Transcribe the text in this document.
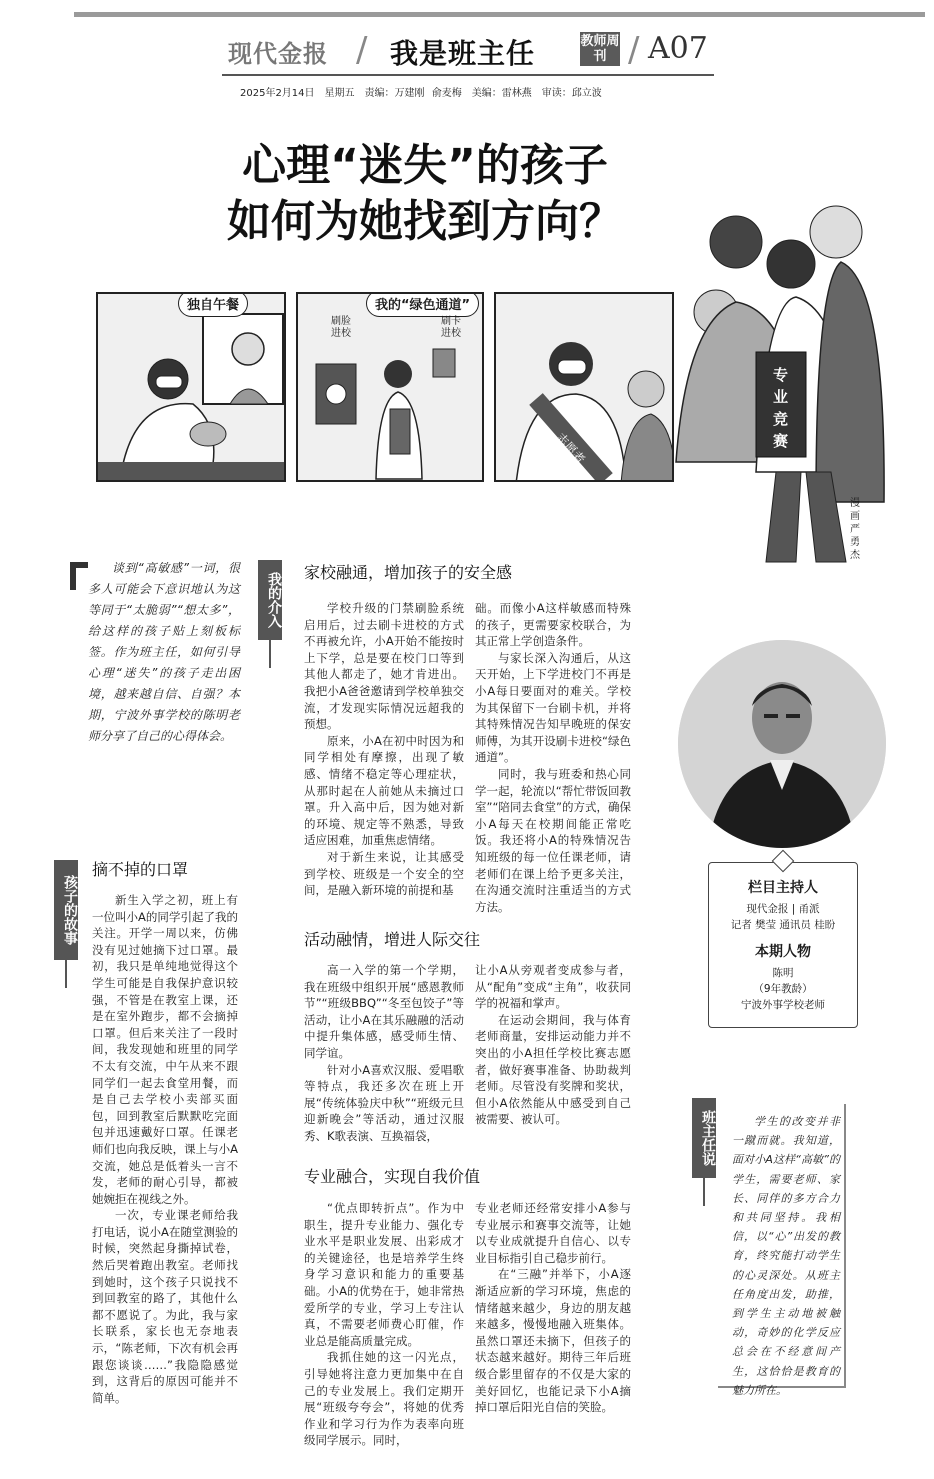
现代金报 / 我是班主任	教师周刊 / A07
2025年2月14日　星期五　责编：万建刚 俞麦梅　美编：雷林燕　审读：邱立波
心理“迷失”的孩子
如何为她找到方向？
独自午餐	我的“绿色通道”
刷脸进校
刷卡进校
志愿者
专
业
竞
赛
漫画 严勇杰
谈到“高敏感”一词，很多人可能会下意识地认为这等同于“太脆弱”“想太多”，给这样的孩子贴上刻板标签。作为班主任，如何引导心理“迷失”的孩子走出困境，越来越自信、自强？本期，宁波外事学校的陈明老师分享了自己的心得体会。
我的介入
孩子的故事
班主任说
摘不掉的口罩

新生入学之初，班上有一位叫小A的同学引起了我的关注。开学一周以来，仿佛没有见过她摘下过口罩。最初，我只是单纯地觉得这个学生可能是自我保护意识较强，不管是在教室上课，还是在室外跑步，都不会摘掉口罩。但后来关注了一段时间，我发现她和班里的同学不太有交流，中午从来不跟同学们一起去食堂用餐，而是自己去学校小卖部买面包，回到教室后默默吃完面包并迅速戴好口罩。任课老师们也向我反映，课上与小A交流，她总是低着头一言不发，老师的耐心引导，都被她婉拒在视线之外。

一次，专业课老师给我打电话，说小A在随堂测验的时候，突然起身撕掉试卷，然后哭着跑出教室。老师找到她时，这个孩子只说找不到回教室的路了，其他什么都不愿说了。为此，我与家长联系，家长也无奈地表示，“陈老师，下次有机会再跟您谈谈……”我隐隐感觉到，这背后的原因可能并不简单。

家校融通，增加孩子的安全感

学校升级的门禁刷脸系统启用后，过去刷卡进校的方式不再被允许，小A开始不能按时上下学，总是要在校门口等到其他人都走了，她才肯进出。我把小A爸爸邀请到学校单独交流，才发现实际情况远超我的预想。

原来，小A在初中时因为和同学相处有摩擦，出现了敏感、情绪不稳定等心理症状，从那时起在人前她从未摘过口罩。升入高中后，因为她对新的环境、规定等不熟悉，导致适应困难，加重焦虑情绪。

对于新生来说，让其感受到学校、班级是一个安全的空间，是融入新环境的前提和基

础。而像小A这样敏感而特殊的孩子，更需要家校联合，为其正常上学创造条件。

与家长深入沟通后，从这天开始，上下学进校门不再是小A每日要面对的难关。学校为其保留下一台刷卡机，并将其特殊情况告知早晚班的保安师傅，为其开设刷卡进校“绿色通道”。

同时，我与班委和热心同学一起，轮流以“帮忙带饭回教室”“陪同去食堂”的方式，确保小A每天在校期间能正常吃饭。我还将小A的特殊情况告知班级的每一位任课老师，请老师们在课上给予更多关注，在沟通交流时注重适当的方式方法。

活动融情，增进人际交往

高一入学的第一个学期，我在班级中组织开展“感恩教师节”“班级BBQ”“冬至包饺子”等活动，让小A在其乐融融的活动中提升集体感，感受师生情、同学谊。

针对小A喜欢汉服、爱唱歌等特点，我还多次在班上开展“传统体验庆中秋”“班级元旦迎新晚会”等活动，通过汉服秀、K歌表演、互换福袋，

让小A从旁观者变成参与者，从“配角”变成“主角”，收获同学的祝福和掌声。

在运动会期间，我与体育老师商量，安排运动能力并不突出的小A担任学校比赛志愿者，做好赛事准备、协助裁判老师。尽管没有奖牌和奖状，但小A依然能从中感受到自己被需要、被认可。

专业融合，实现自我价值

“优点即转折点”。作为中职生，提升专业能力、强化专业水平是职业发展、出彩成才的关键途径，也是培养学生终身学习意识和能力的重要基础。小A的优势在于，她非常热爱所学的专业，学习上专注认真，不需要老师费心盯催，作业总是能高质量完成。

我抓住她的这一闪光点，引导她将注意力更加集中在自己的专业发展上。我们定期开展“班级夸夸会”，将她的优秀作业和学习行为作为表率向班级同学展示。同时，

专业老师还经常安排小A参与专业展示和赛事交流等，让她以专业成就提升自信心、以专业目标指引自己稳步前行。

在“三融”并举下，小A逐渐适应新的学习环境，焦虑的情绪越来越少，身边的朋友越来越多，慢慢地融入班集体。虽然口罩还未摘下，但孩子的状态越来越好。期待三年后班级合影里留存的不仅是大家的美好回忆，也能记录下小A摘掉口罩后阳光自信的笑脸。

栏目主持人
现代金报 | 甬派
记者 樊莹 通讯员 桂盼
本期人物
陈明
（9年教龄）
宁波外事学校老师
学生的改变并非一蹴而就。我知道，面对小A这样“高敏”的学生，需要老师、家长、同伴的多方合力和共同坚持。我相信，以“心”出发的教育，终究能打动学生的心灵深处。从班主任角度出发，助推，到学生主动地被触动，奇妙的化学反应总会在不经意间产生，这恰恰是教育的魅力所在。
